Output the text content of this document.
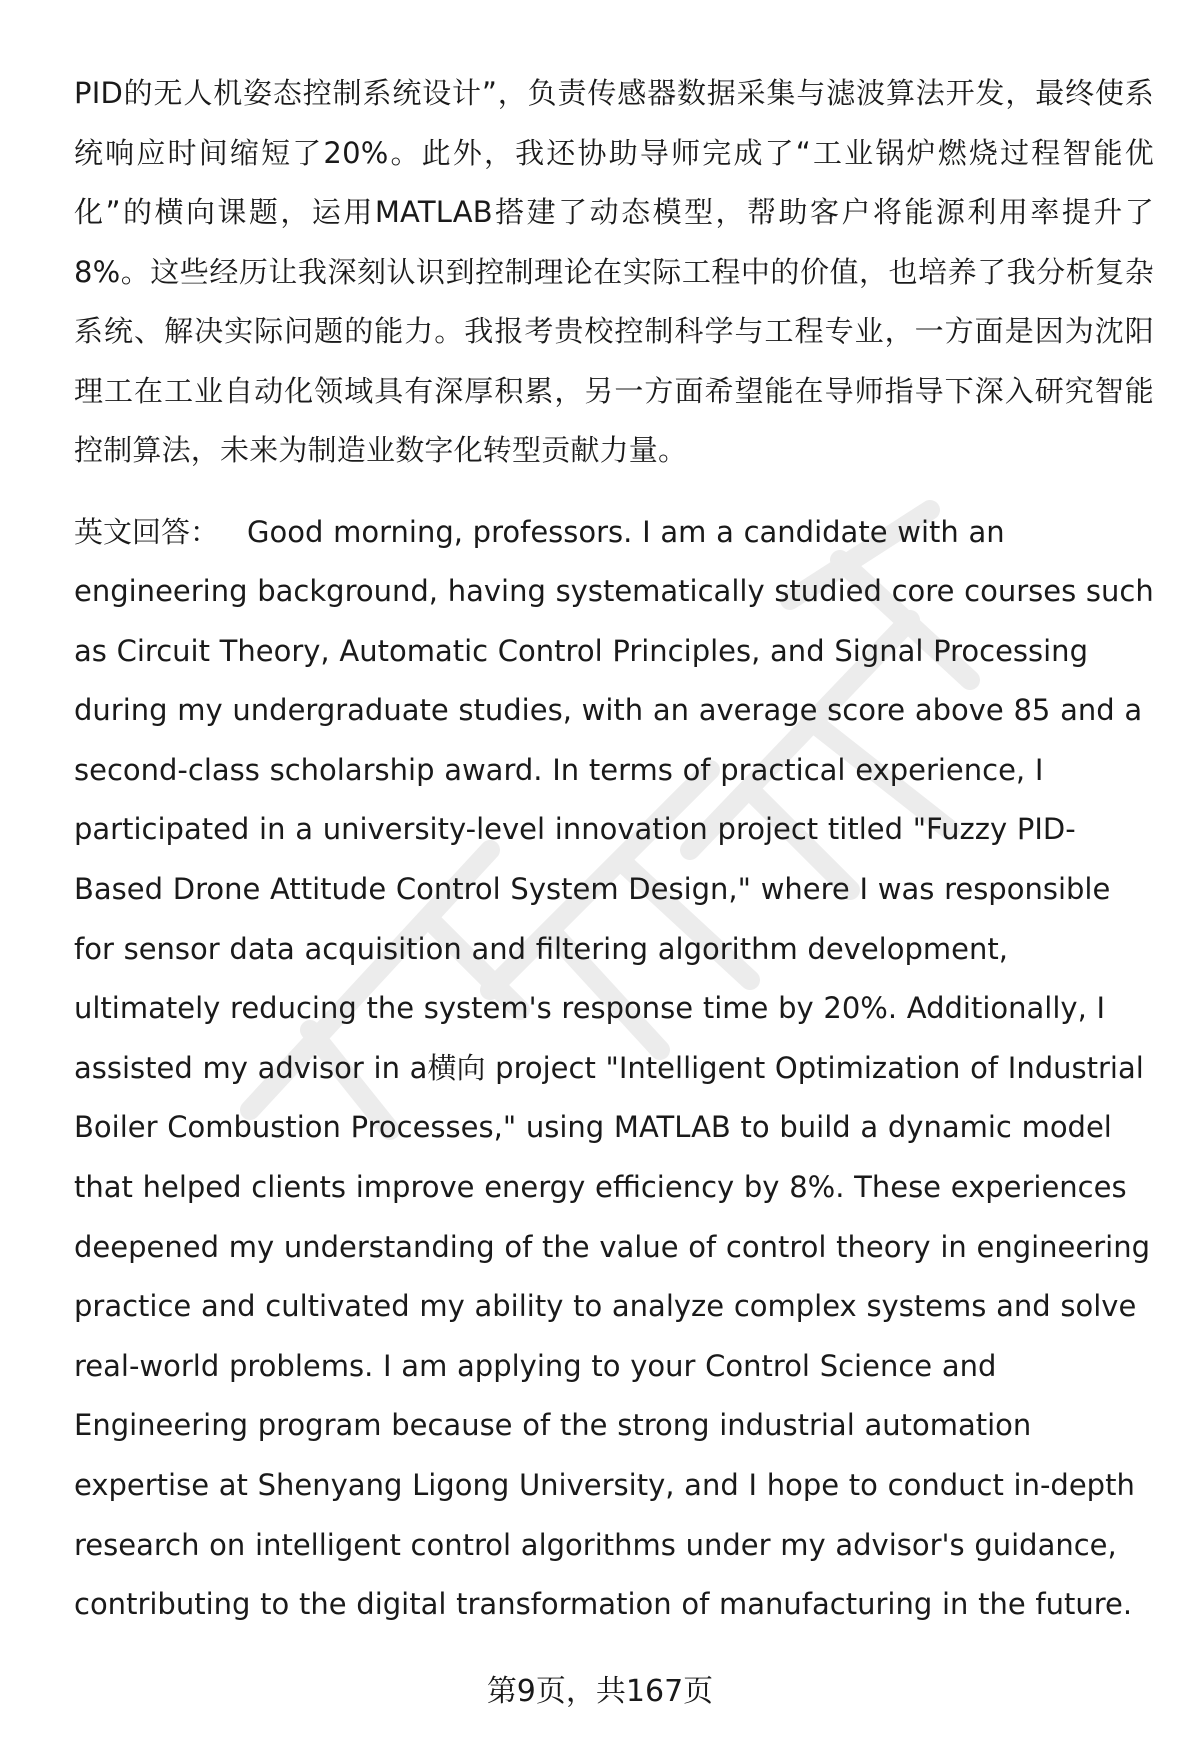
PID的无人机姿态控制系统设计”，负责传感器数据采集与滤波算法开发，最终使系统响应时间缩短了20%。此外，我还协助导师完成了“工业锅炉燃烧过程智能优化”的横向课题，运用MATLAB搭建了动态模型，帮助客户将能源利用率提升了8%。这些经历让我深刻认识到控制理论在实际工程中的价值，也培养了我分析复杂系统、解决实际问题的能力。我报考贵校控制科学与工程专业，一方面是因为沈阳理工在工业自动化领域具有深厚积累，另一方面希望能在导师指导下深入研究智能控制算法，未来为制造业数字化转型贡献力量。

英文回答： Good morning, professors. I am a candidate with an engineering background, having systematically studied core courses such as Circuit Theory, Automatic Control Principles, and Signal Processing during my undergraduate studies, with an average score above 85 and a second-class scholarship award. In terms of practical experience, I participated in a university-level innovation project titled "Fuzzy PID-Based Drone Attitude Control System Design," where I was responsible for sensor data acquisition and filtering algorithm development, ultimately reducing the system's response time by 20%. Additionally, I assisted my advisor in a横向 project "Intelligent Optimization of Industrial Boiler Combustion Processes," using MATLAB to build a dynamic model that helped clients improve energy efficiency by 8%. These experiences deepened my understanding of the value of control theory in engineering practice and cultivated my ability to analyze complex systems and solve real-world problems. I am applying to your Control Science and Engineering program because of the strong industrial automation expertise at Shenyang Ligong University, and I hope to conduct in-depth research on intelligent control algorithms under my advisor's guidance, contributing to the digital transformation of manufacturing in the future.

第9页，共167页
